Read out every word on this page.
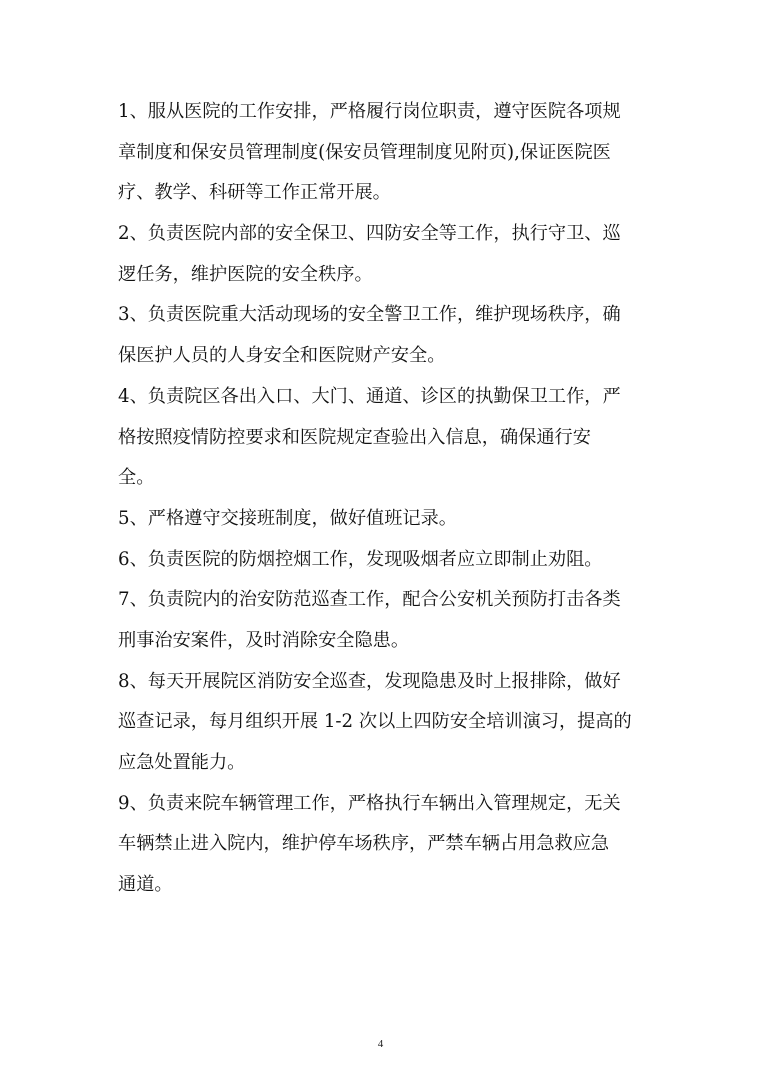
1、服从医院的工作安排，严格履行岗位职责，遵守医院各项规
章制度和保安员管理制度(保安员管理制度见附页),保证医院医
疗、教学、科研等工作正常开展。
2、负责医院内部的安全保卫、四防安全等工作，执行守卫、巡
逻任务，维护医院的安全秩序。
3、负责医院重大活动现场的安全警卫工作，维护现场秩序，确
保医护人员的人身安全和医院财产安全。
4、负责院区各出入口、大门、通道、诊区的执勤保卫工作，严
格按照疫情防控要求和医院规定查验出入信息，确保通行安
全。
5、严格遵守交接班制度，做好值班记录。
6、负责医院的防烟控烟工作，发现吸烟者应立即制止劝阻。
7、负责院内的治安防范巡查工作，配合公安机关预防打击各类
刑事治安案件，及时消除安全隐患。
8、每天开展院区消防安全巡查，发现隐患及时上报排除，做好
巡查记录，每月组织开展 1-2 次以上四防安全培训演习，提高的
应急处置能力。
9、负责来院车辆管理工作，严格执行车辆出入管理规定，无关
车辆禁止进入院内，维护停车场秩序，严禁车辆占用急救应急
通道。
4
